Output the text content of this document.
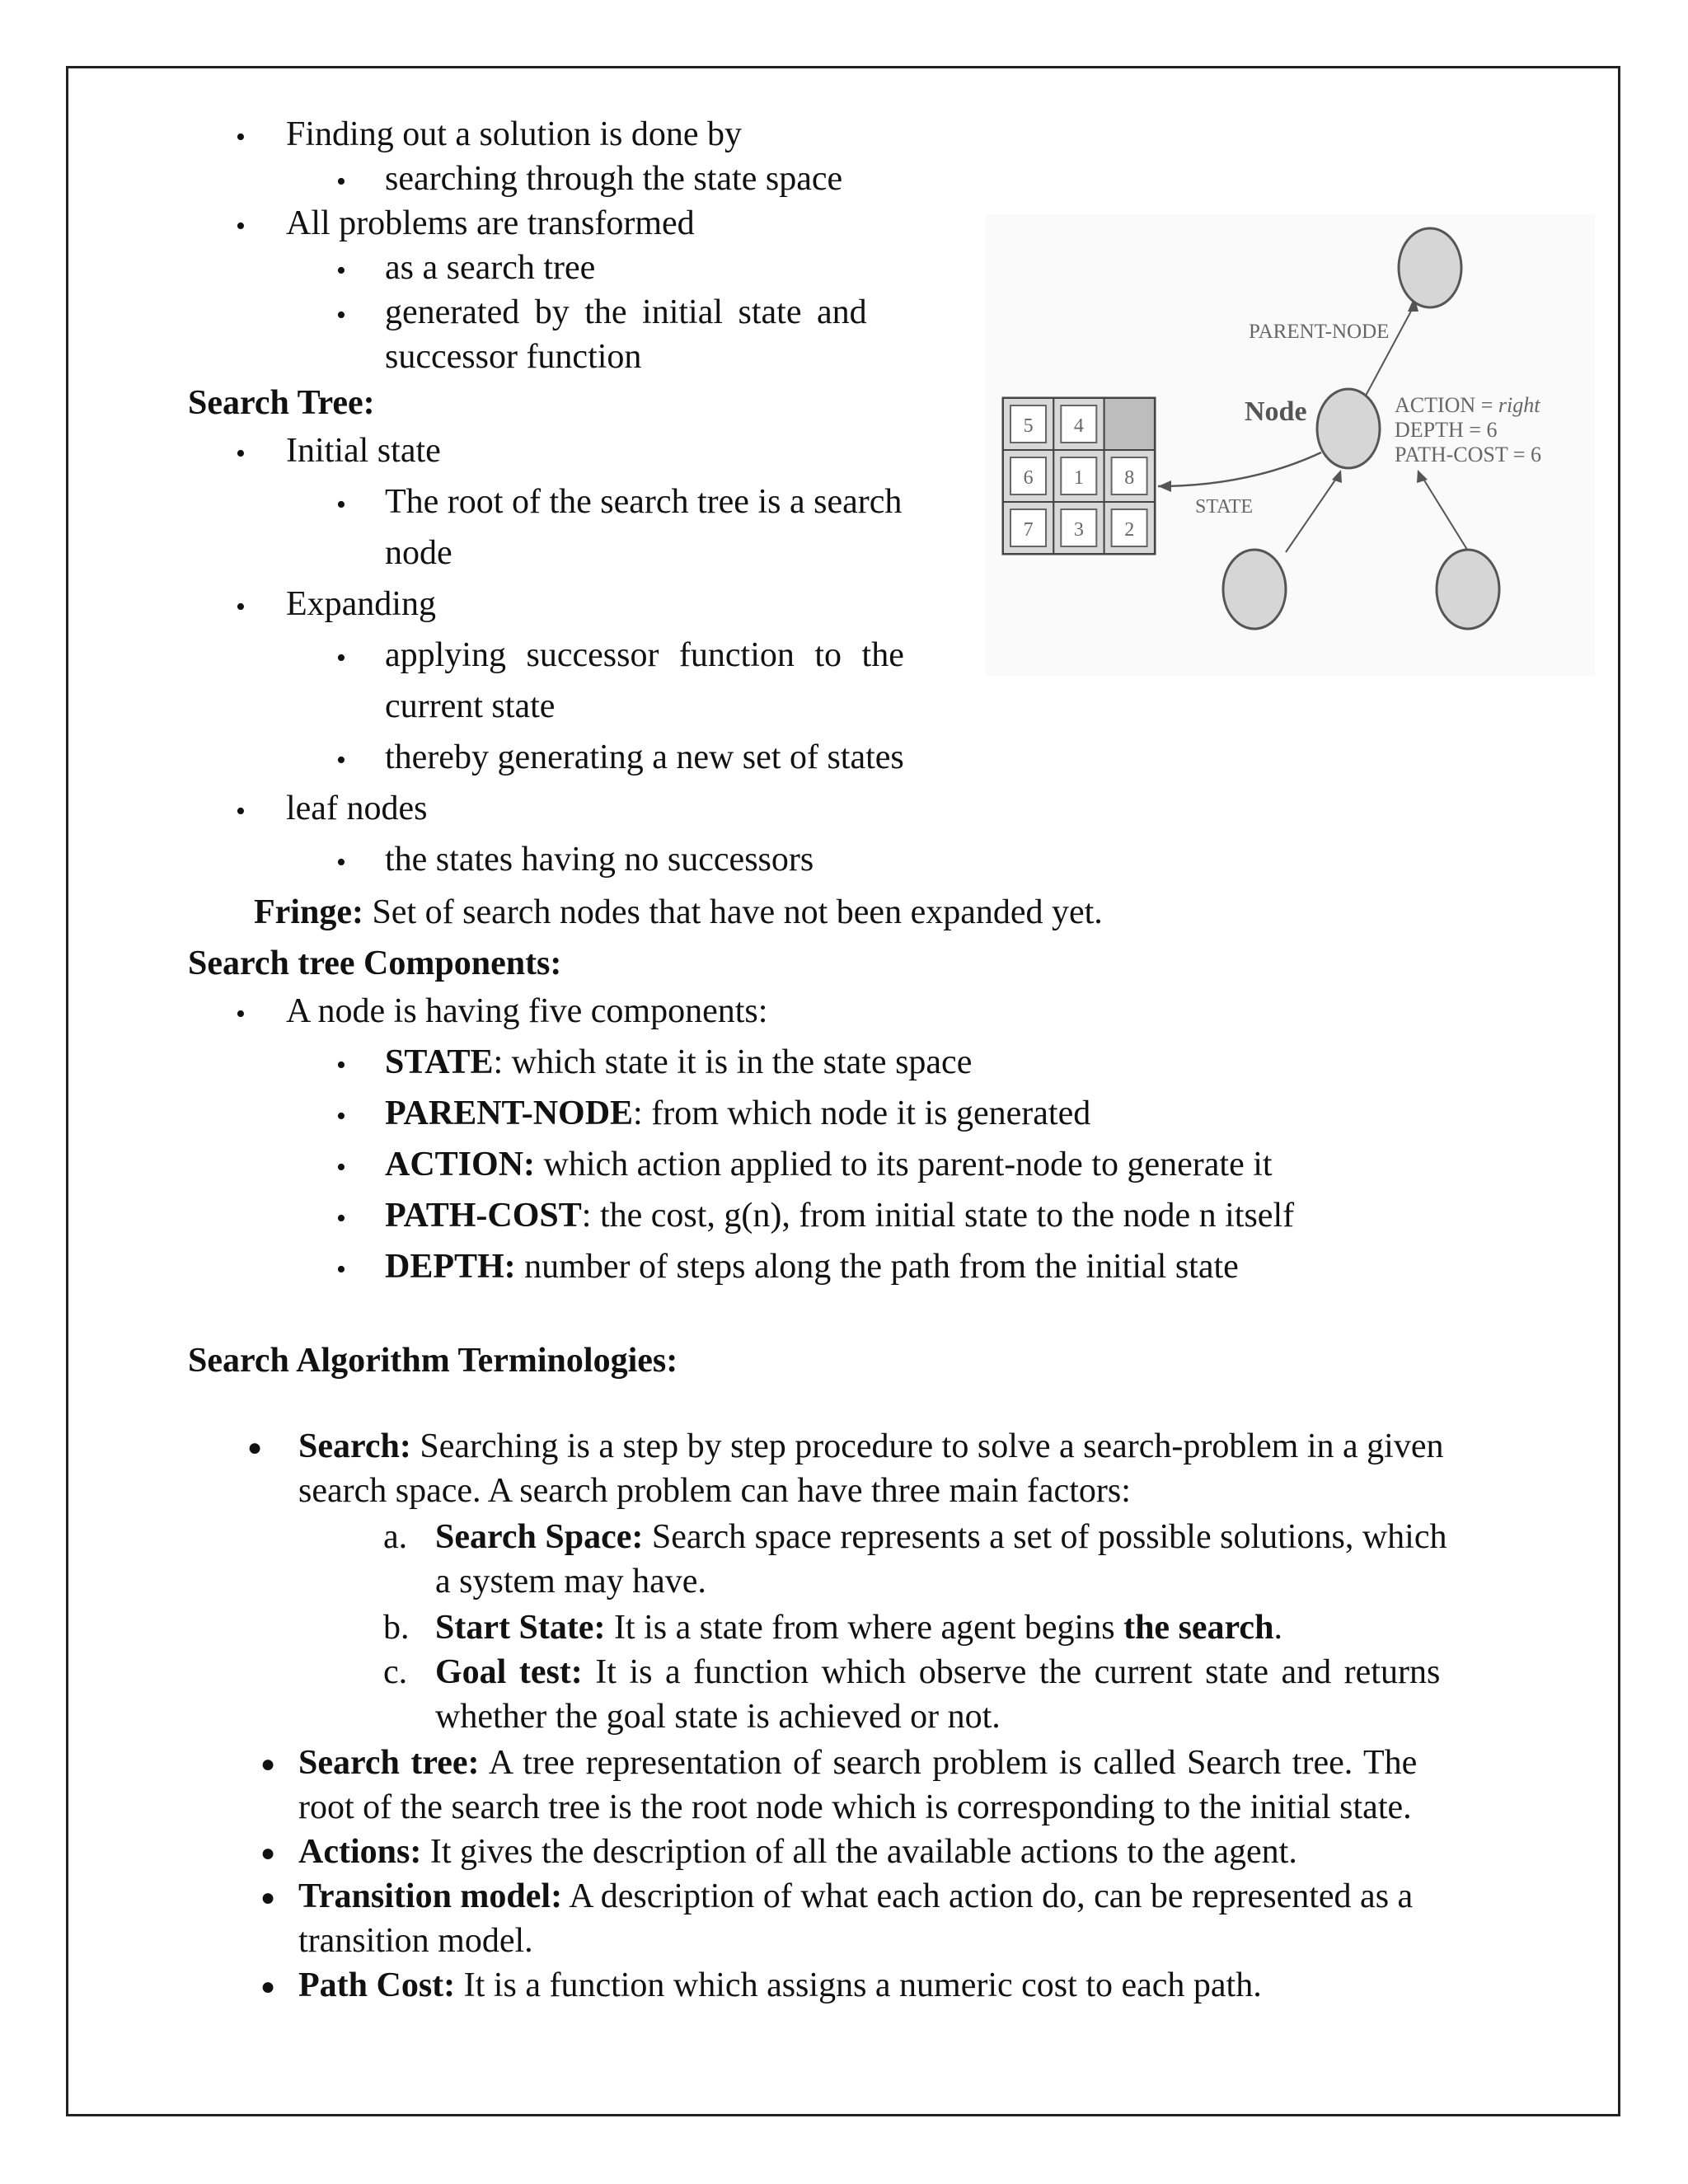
• Finding out a solution is done by
• searching through the state space
• All problems are transformed
• as a search tree
• generated by the initial state and
successor function
Search Tree:
• Initial state
• The root of the search tree is a search
node
• Expanding
• applying successor function to the
current state
• thereby generating a new set of states
• leaf nodes
• the states having no successors
Fringe: Set of search nodes that have not been expanded yet.
Search tree Components:
• A node is having five components:
• STATE: which state it is in the state space
• PARENT-NODE: from which node it is generated
• ACTION: which action applied to its parent-node to generate it
• PATH-COST: the cost, g(n), from initial state to the node n itself
• DEPTH: number of steps along the path from the initial state
Search Algorithm Terminologies:
● Search: Searching is a step by step procedure to solve a search-problem in a given
search space. A search problem can have three main factors:
a. Search Space: Search space represents a set of possible solutions, which
a system may have.
b. Start State: It is a state from where agent begins the search.
c. Goal test: It is a function which observe the current state and returns
whether the goal state is achieved or not.
● Search tree: A tree representation of search problem is called Search tree. The
root of the search tree is the root node which is corresponding to the initial state.
● Actions: It gives the description of all the available actions to the agent.
● Transition model: A description of what each action do, can be represented as a
transition model.
● Path Cost: It is a function which assigns a numeric cost to each path.
5 4
6 1 8
7 3 2
PARENT-NODE
Node
STATE
ACTION = right
DEPTH = 6
PATH-COST = 6
